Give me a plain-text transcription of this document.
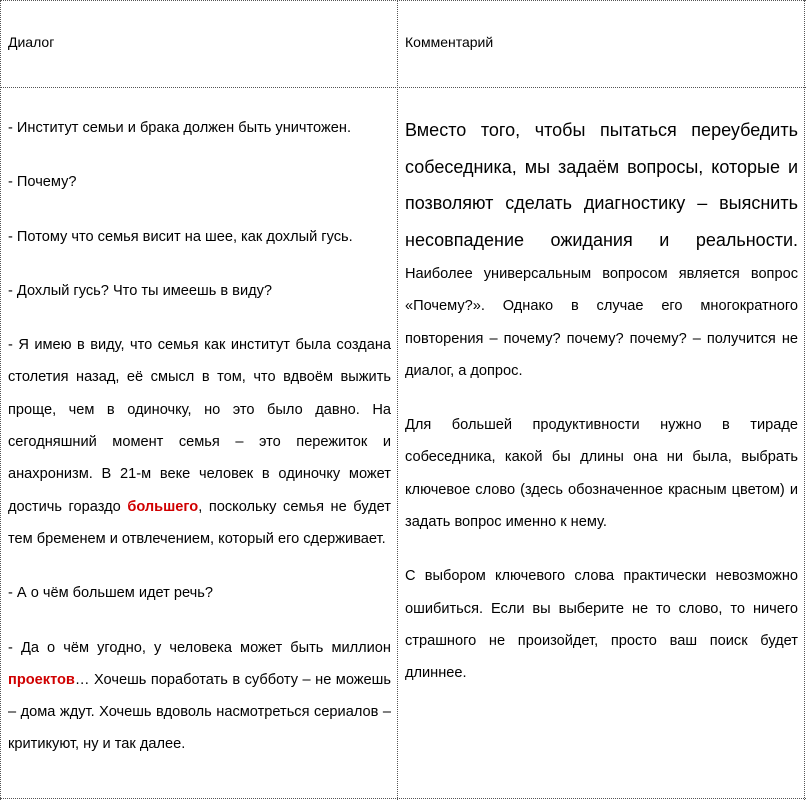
Диалог	Комментарий

- Институт семьи и брака должен быть уничтожен.

- Почему?

- Потому что семья висит на шее, как дохлый гусь.

- Дохлый гусь? Что ты имеешь в виду?

- Я имею в виду, что семья как институт была создана столетия назад, её смысл в том, что вдвоём выжить проще, чем в одиночку, но это было давно. На сегодняшний момент семья – это пережиток и анахронизм. В 21-м веке человек в одиночку может достичь гораздо большего, поскольку семья не будет тем бременем и отвлечением, который его сдерживает.

- А о чём большем идет речь?

- Да о чём угодно, у человека может быть миллион проектов… Хочешь поработать в субботу – не можешь – дома ждут. Хочешь вдоволь насмотреться сериалов – критикуют, ну и так далее.

Вместо того, чтобы пытаться переубедить собеседника, мы задаём вопросы, которые и позволяют сделать диагностику – выяснить несовпадение ожидания и реальности. Наиболее универсальным вопросом является вопрос «Почему?». Однако в случае его многократного повторения – почему? почему? почему? – получится не диалог, а допрос.

Для большей продуктивности нужно в тираде собеседника, какой бы длины она ни была, выбрать ключевое слово (здесь обозначенное красным цветом) и задать вопрос именно к нему.

С выбором ключевого слова практически невозможно ошибиться. Если вы выберите не то слово, то ничего страшного не произойдет, просто ваш поиск будет длиннее.
